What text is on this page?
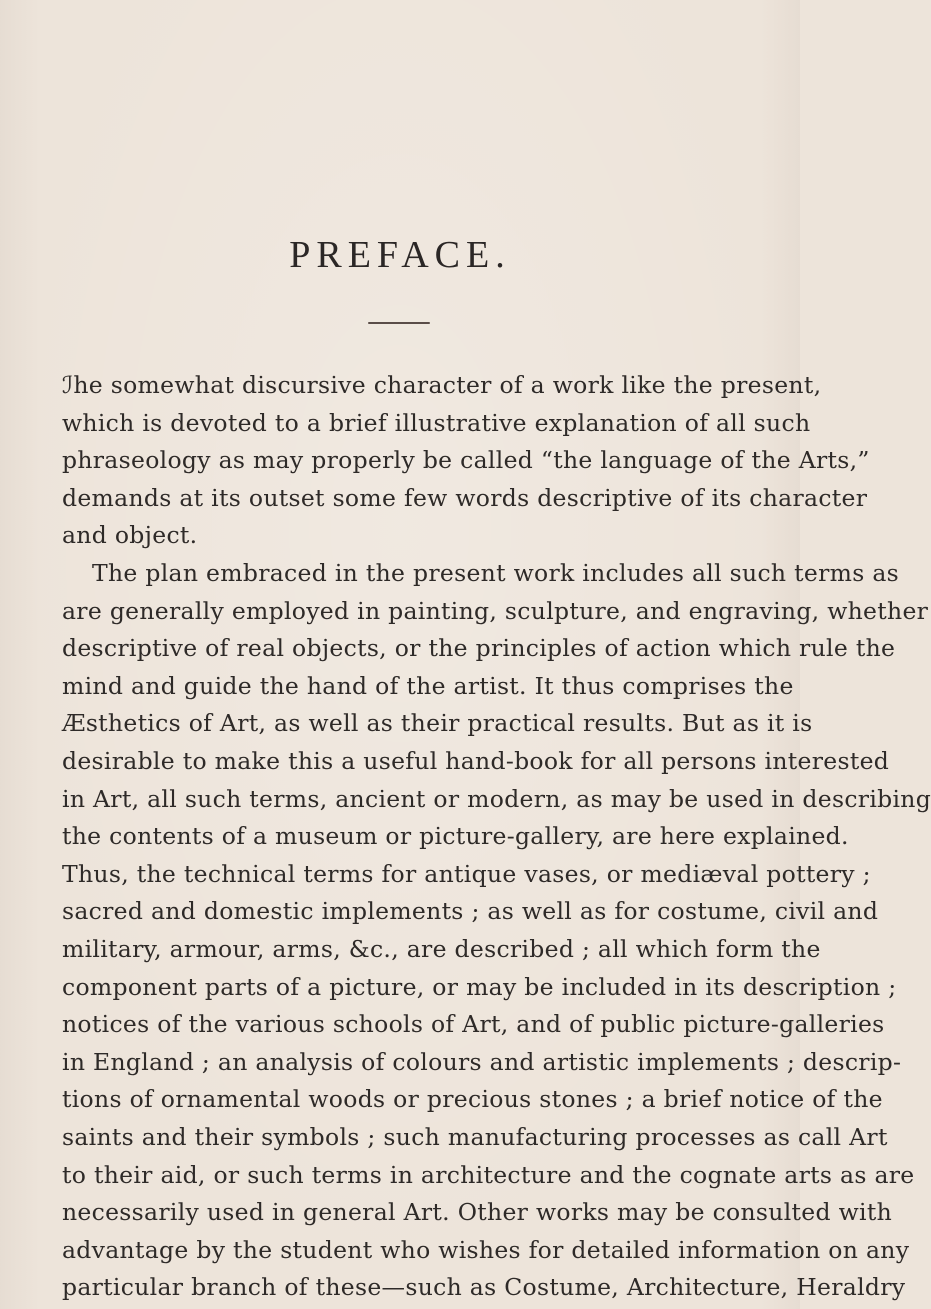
PREFACE.
ℐhe somewhat discursive character of a work like the present,
which is devoted to a brief illustrative explanation of all such
phraseology as may properly be called “the language of the Arts,”
demands at its outset some few words descriptive of its character
and object.
The plan embraced in the present work includes all such terms as
are generally employed in painting, sculpture, and engraving, whether
descriptive of real objects, or the principles of action which rule the
mind and guide the hand of the artist. It thus comprises the
Æsthetics of Art, as well as their practical results. But as it is
desirable to make this a useful hand-book for all persons interested
in Art, all such terms, ancient or modern, as may be used in describing
the contents of a museum or picture-gallery, are here explained.
Thus, the technical terms for antique vases, or mediæval pottery ;
sacred and domestic implements ; as well as for costume, civil and
military, armour, arms, &c., are described ; all which form the
component parts of a picture, or may be included in its description ;
notices of the various schools of Art, and of public picture-galleries
in England ; an analysis of colours and artistic implements ; descrip-
tions of ornamental woods or precious stones ; a brief notice of the
saints and their symbols ; such manufacturing processes as call Art
to their aid, or such terms in architecture and the cognate arts as are
necessarily used in general Art. Other works may be consulted with
advantage by the student who wishes for detailed information on any
particular branch of these—such as Costume, Architecture, Heraldry
